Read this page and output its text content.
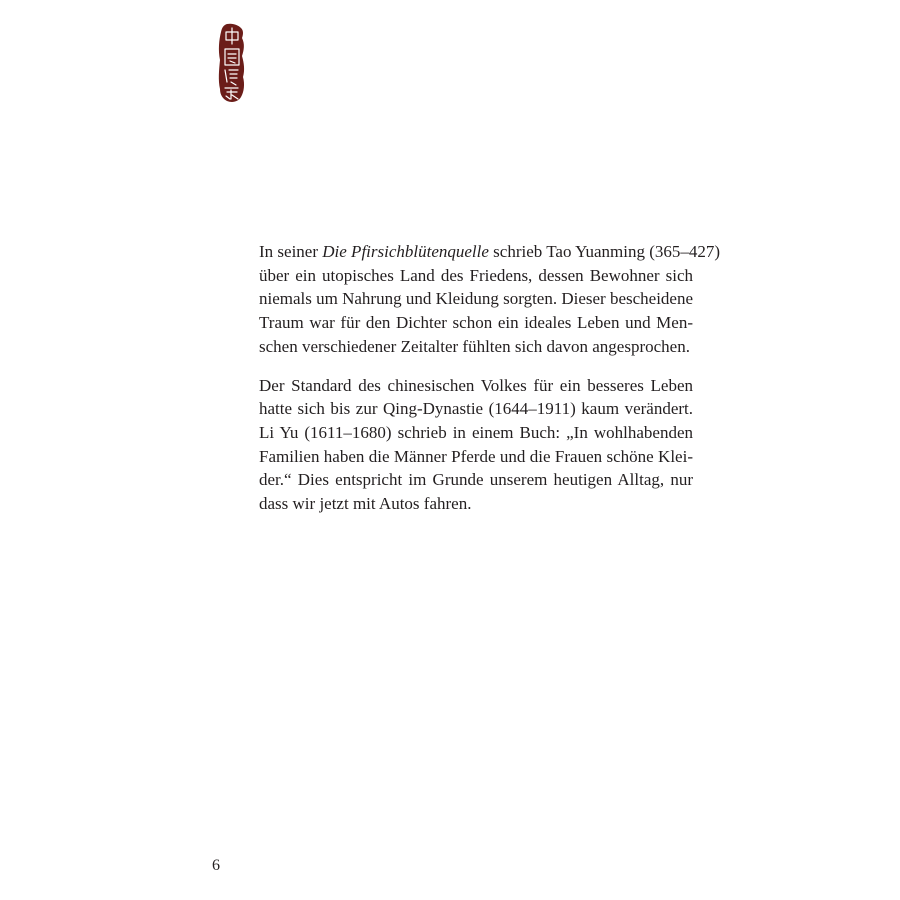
In seiner Die Pfirsichblütenquelle schrieb Tao Yuanming (365–427)
über ein utopisches Land des Friedens, dessen Bewohner sich
niemals um Nahrung und Kleidung sorgten. Dieser bescheidene
Traum war für den Dichter schon ein ideales Leben und Men-
schen verschiedener Zeitalter fühlten sich davon angesprochen.

Der Standard des chinesischen Volkes für ein besseres Leben
hatte sich bis zur Qing-Dynastie (1644–1911) kaum verändert.
Li Yu (1611–1680) schrieb in einem Buch: „In wohlhabenden
Familien haben die Männer Pferde und die Frauen schöne Klei-
der.“ Dies entspricht im Grunde unserem heutigen Alltag, nur
dass wir jetzt mit Autos fahren.

6
